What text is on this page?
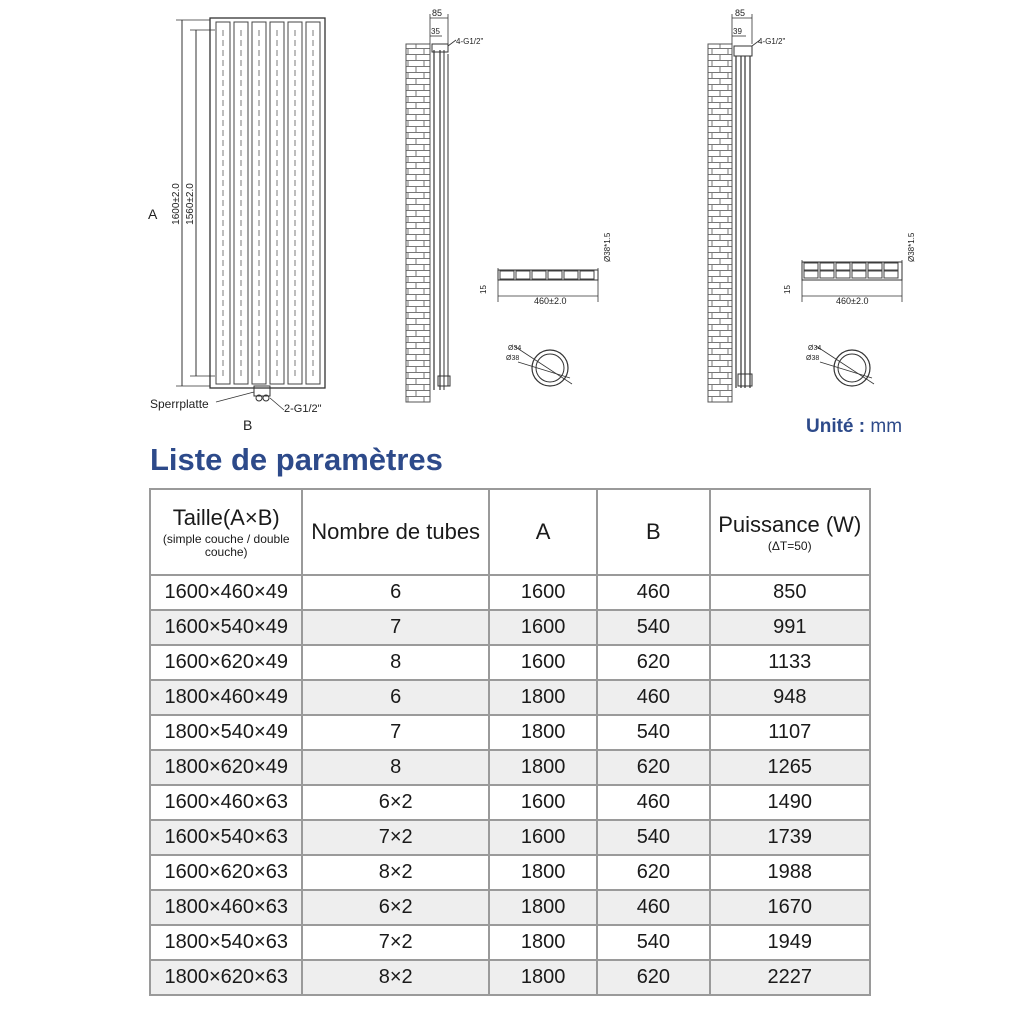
1600±2.0 1560±2.0
A
Sperrplatte	2-G1/2"
B
85
35
4-G1/2"
460±2.0
15
Ø38*1.5
Ø34
Ø38
85
39
4-G1/2"
460±2.0
15
Ø38*1.5
Ø34
Ø38
Unité : mm
Liste de paramètres
Taille(A×B)
(simple couche / double couche)	Nombre de tubes	A	B	Puissance (W)
(ΔT=50)

1600×460×49	6	1600	460	850
1600×540×49	7	1600	540	991
1600×620×49	8	1600	620	1133
1800×460×49	6	1800	460	948
1800×540×49	7	1800	540	1107
1800×620×49	8	1800	620	1265
1600×460×63	6×2	1600	460	1490
1600×540×63	7×2	1600	540	1739
1600×620×63	8×2	1800	620	1988
1800×460×63	6×2	1800	460	1670
1800×540×63	7×2	1800	540	1949
1800×620×63	8×2	1800	620	2227
